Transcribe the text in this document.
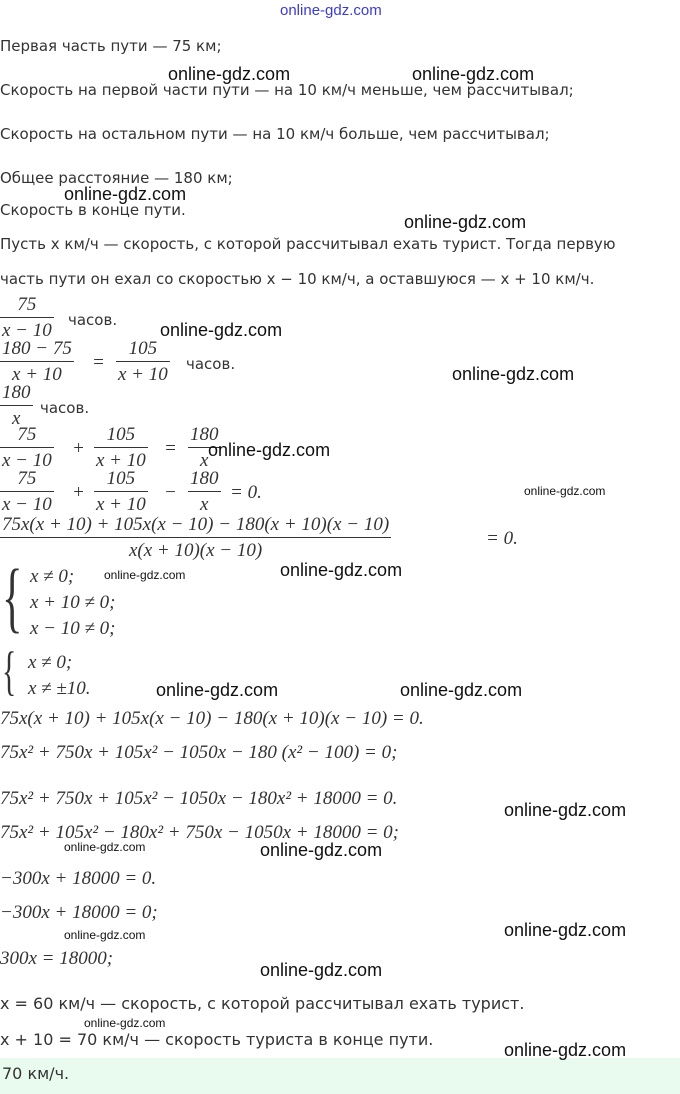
online-gdz.com
Первая часть пути — 75 км;
Скорость на первой части пути — на 10 км/ч меньше, чем рассчитывал;
Скорость на остальном пути — на 10 км/ч больше, чем рассчитывал;
Общее расстояние — 180 км;
Скорость в конце пути.
Пусть x км/ч — скорость, с которой рассчитывал ехать турист. Тогда первую
часть пути он ехал со скоростью x − 10 км/ч, а оставшуюся — x + 10 км/ч.
75
x − 10 часов.
180 − 75
x + 10
=
105
x + 10 часов.
180
x часов.
75
x − 10
+
105
x + 10
=
180
x
75
x − 10
+
105
x + 10
−
180
x
= 0.
75x(x + 10) + 105x(x − 10) − 180(x + 10)(x − 10)
x(x + 10)(x − 10)
= 0.
{ x ≠ 0;
x + 10 ≠ 0;
x − 10 ≠ 0;
{ x ≠ 0;
x ≠ ±10.
75x(x + 10) + 105x(x − 10) − 180(x + 10)(x − 10) = 0.
75x² + 750x + 105x² − 1050x − 180 (x² − 100) = 0;
75x² + 750x + 105x² − 1050x − 180x² + 18000 = 0.
75x² + 105x² − 180x² + 750x − 1050x + 18000 = 0;
−300x + 18000 = 0.
−300x + 18000 = 0;
300x = 18000;
x = 60 км/ч — скорость, с которой рассчитывал ехать турист.
x + 10 = 70 км/ч — скорость туриста в конце пути.
70 км/ч.
online-gdz.com	online-gdz.com
online-gdz.com
online-gdz.com
online-gdz.com
online-gdz.com
online-gdz.com
online-gdz.com
online-gdz.com	online-gdz.com
online-gdz.com	online-gdz.com
online-gdz.com
online-gdz.com	online-gdz.com
online-gdz.com
online-gdz.com
online-gdz.com
online-gdz.com
online-gdz.com
